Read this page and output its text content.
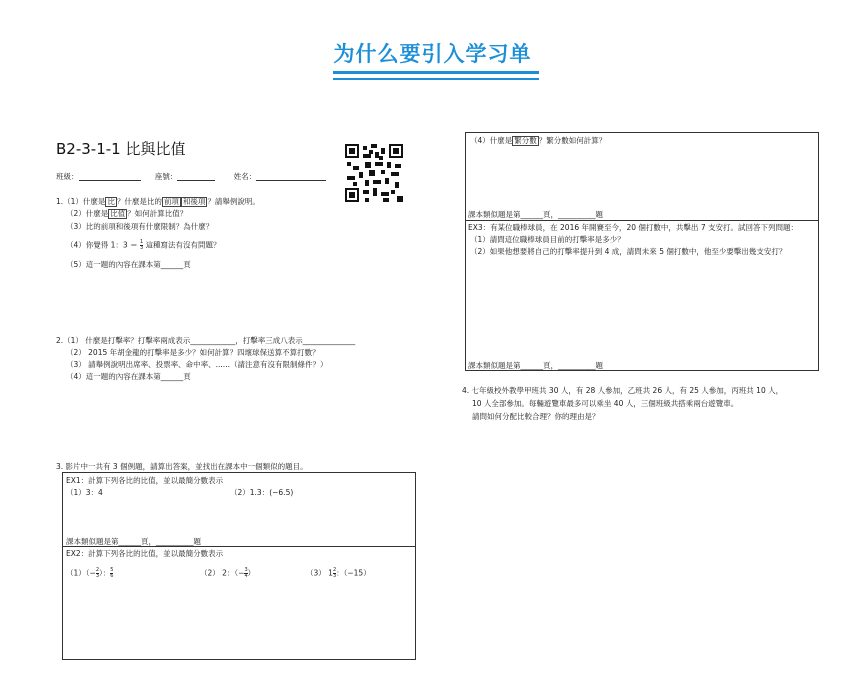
为什么要引入学习单
B2-3-1-1 比與比值
班級：	座號：	姓名：
1.（1）什麼是 比 ？什麼是比的 前項 和後項 ？請舉例說明。
（2）什麼是 比值 ？如何計算比值？
（3）比的前項和後項有什麼限制？為什麼？
（4）你覺得 1：$3 = \frac{1}{3}$ 這種寫法有沒有問題？
（5）這一題的內容在課本第______頁
2.（1） 什麼是打擊率？打擊率兩成表示____________，打擊率三成八表示______________
（2） 2015 年胡金龍的打擊率是多少？如何計算？四壞球保送算不算打數？
（3） 請舉例說明出席率、投票率、命中率、......（請注意有沒有限制條件？）
（4）這一題的內容在課本第______頁
3. 影片中一共有 3 個例題，請算出答案，並找出在課本中一個類似的題目。
EX1：計算下列各比的比值，並以最簡分數表示
（1）3：4	（2）1.3：(−6.5)
課本類似題是第______頁，__________題
EX2：計算下列各比的比值，並以最簡分數表示
$(1)(- \frac{2}{3}$ ）： $\frac{5}{6}$	（2） 2：（− $\frac{3}{4}$ ）	（3） $1 \frac{2}{3}$ ：（−15）
（4）什麼是 繁分數 ？繁分數如何計算？
課本類似題是第______頁，__________題
EX3：有某位職棒球員，在 2016 年開賽至今，20 個打數中，共擊出 7 支安打。試回答下列問題：
（1）請問這位職棒球員目前的打擊率是多少？
（2）如果他想要將自己的打擊率提升到 4 成，請問未來 5 個打數中，他至少要擊出幾支安打？
課本類似題是第______頁，__________題
4. 七年級校外教學甲班共 30 人，有 28 人參加，乙班共 26 人，有 25 人參加，丙班共 10 人，
10 人全部參加。每輛遊覽車最多可以乘坐 40 人，三個班級共搭乘兩台遊覽車。
請問如何分配比較合理？你的理由是？
